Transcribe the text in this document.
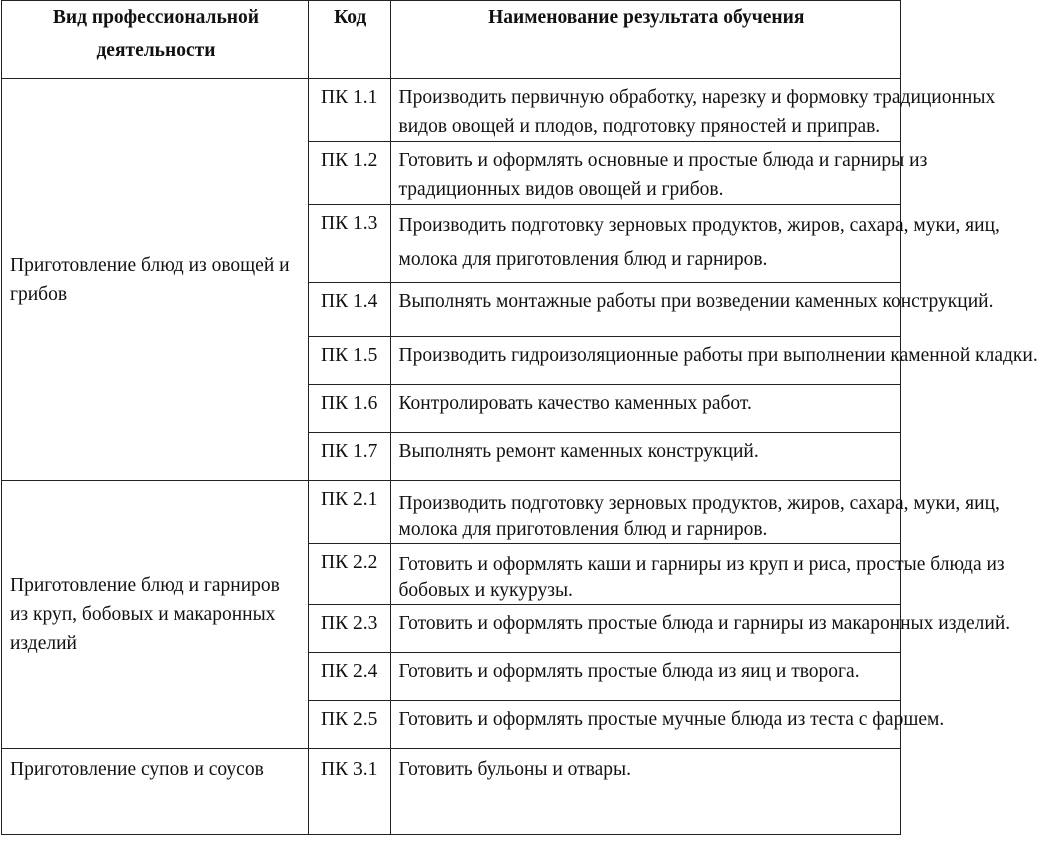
Вид профессиональной деятельности	Код	Наименование результата обучения
Приготовление блюд из овощей и грибов	ПК 1.1	Производить первичную обработку, нарезку и формовку традиционных
видов овощей и плодов, подготовку пряностей и приправ.
	ПК 1.2	Готовить и оформлять основные и простые блюда и гарниры из
традиционных видов овощей и грибов.
	ПК 1.3	Производить подготовку зерновых продуктов, жиров, сахара, муки, яиц,
молока для приготовления блюд и гарниров.
	ПК 1.4	Выполнять монтажные работы при возведении каменных конструкций.
	ПК 1.5	Производить гидроизоляционные работы при выполнении каменной кладки.
	ПК 1.6	Контролировать качество каменных работ.
	ПК 1.7	Выполнять ремонт каменных конструкций.
Приготовление блюд и гарниров из круп, бобовых и макаронных изделий	ПК 2.1	Производить подготовку зерновых продуктов, жиров, сахара, муки, яиц,
молока для приготовления блюд и гарниров.
	ПК 2.2	Готовить и оформлять каши и гарниры из круп и риса, простые блюда из
бобовых и кукурузы.
	ПК 2.3	Готовить и оформлять простые блюда и гарниры из макаронных изделий.
	ПК 2.4	Готовить и оформлять простые блюда из яиц и творога.
	ПК 2.5	Готовить и оформлять простые мучные блюда из теста с фаршем.
Приготовление супов и соусов	ПК 3.1	Готовить бульоны и отвары.
